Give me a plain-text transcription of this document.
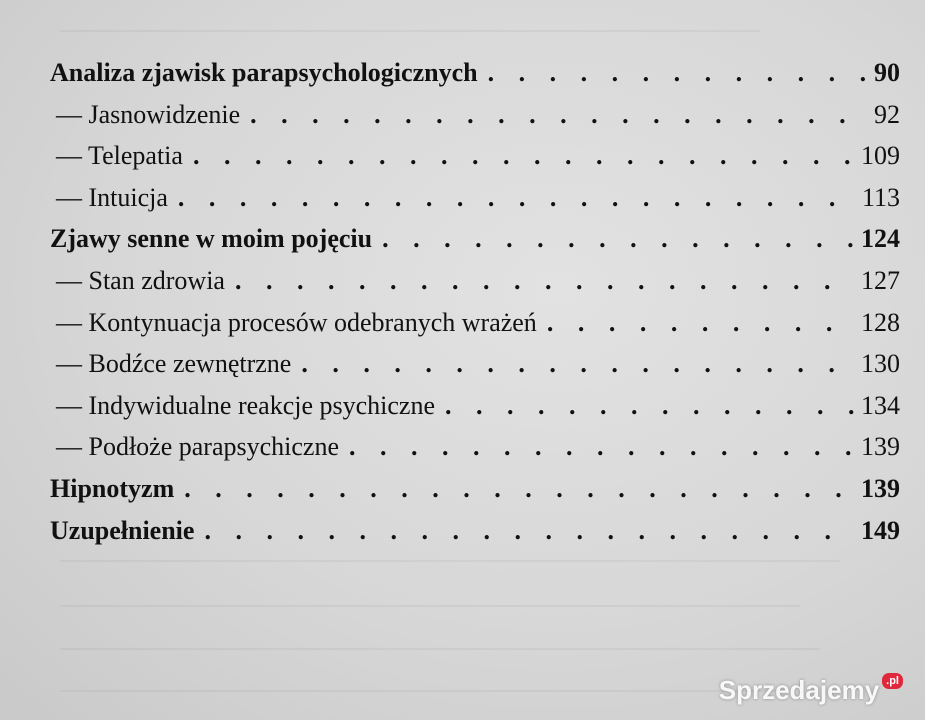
Analiza zjawisk parapsychologicznych . . .	90
— Jasnowidzenie . . .	92
— Telepatia . . .	109
— Intuicja . . .	113
Zjawy senne w moim pojęciu . . .	124
— Stan zdrowia . . .	127
— Kontynuacja procesów odebranych wrażeń . . .	128
— Bodźce zewnętrzne . . .	130
— Indywidualne reakcje psychiczne . . .	134
— Podłoże parapsychiczne . . .	139
Hipnotyzm . . .	139
Uzupełnienie . . .	149
Sprzedajemy .pl
